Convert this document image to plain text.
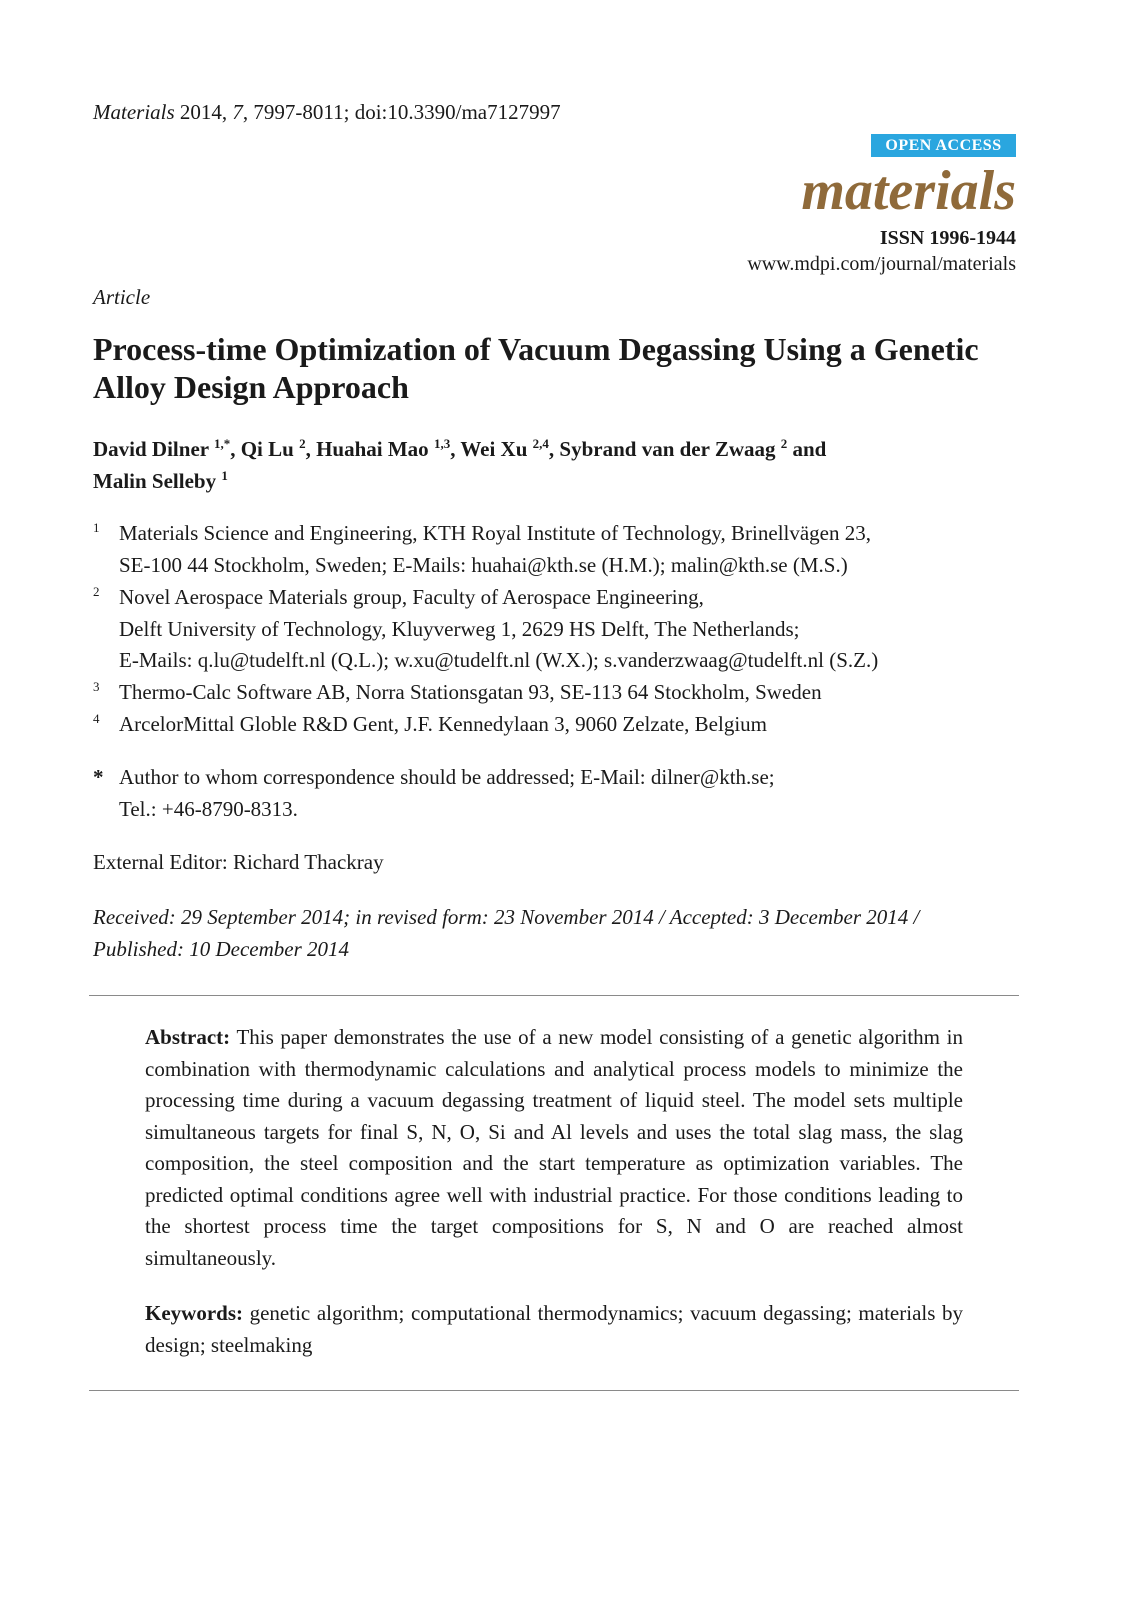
Materials 2014, 7, 7997-8011; doi:10.3390/ma7127997
OPEN ACCESS
materials
ISSN 1996-1944
www.mdpi.com/journal/materials
Article
Process-time Optimization of Vacuum Degassing Using a Genetic Alloy Design Approach
David Dilner $^{1,*}$, Qi Lu $^2$, Huahai Mao $^{1,3}$, Wei Xu $^{2,4}$, Sybrand van der Zwaag $^2$ and
Malin Selleby $^1$
1 Materials Science and Engineering, KTH Royal Institute of Technology, Brinellvägen 23,
SE-100 44 Stockholm, Sweden; E-Mails: huahai@kth.se (H.M.); malin@kth.se (M.S.)
2 Novel Aerospace Materials group, Faculty of Aerospace Engineering,
Delft University of Technology, Kluyverweg 1, 2629 HS Delft, The Netherlands;
E-Mails: q.lu@tudelft.nl (Q.L.); w.xu@tudelft.nl (W.X.); s.vanderzwaag@tudelft.nl (S.Z.)
3 Thermo-Calc Software AB, Norra Stationsgatan 93, SE-113 64 Stockholm, Sweden
4 ArcelorMittal Globle R&D Gent, J.F. Kennedylaan 3, 9060 Zelzate, Belgium
* Author to whom correspondence should be addressed; E-Mail: dilner@kth.se;
Tel.: +46-8790-8313.
External Editor: Richard Thackray
Received: 29 September 2014; in revised form: 23 November 2014 / Accepted: 3 December 2014 /
Published: 10 December 2014

Abstract: This paper demonstrates the use of a new model consisting of a genetic algorithm in combination with thermodynamic calculations and analytical process models to minimize the processing time during a vacuum degassing treatment of liquid steel. The model sets multiple simultaneous targets for final S, N, O, Si and Al levels and uses the total slag mass, the slag composition, the steel composition and the start temperature as optimization variables. The predicted optimal conditions agree well with industrial practice. For those conditions leading to the shortest process time the target compositions for S, N and O are reached almost simultaneously.

Keywords: genetic algorithm; computational thermodynamics; vacuum degassing; materials by design; steelmaking
